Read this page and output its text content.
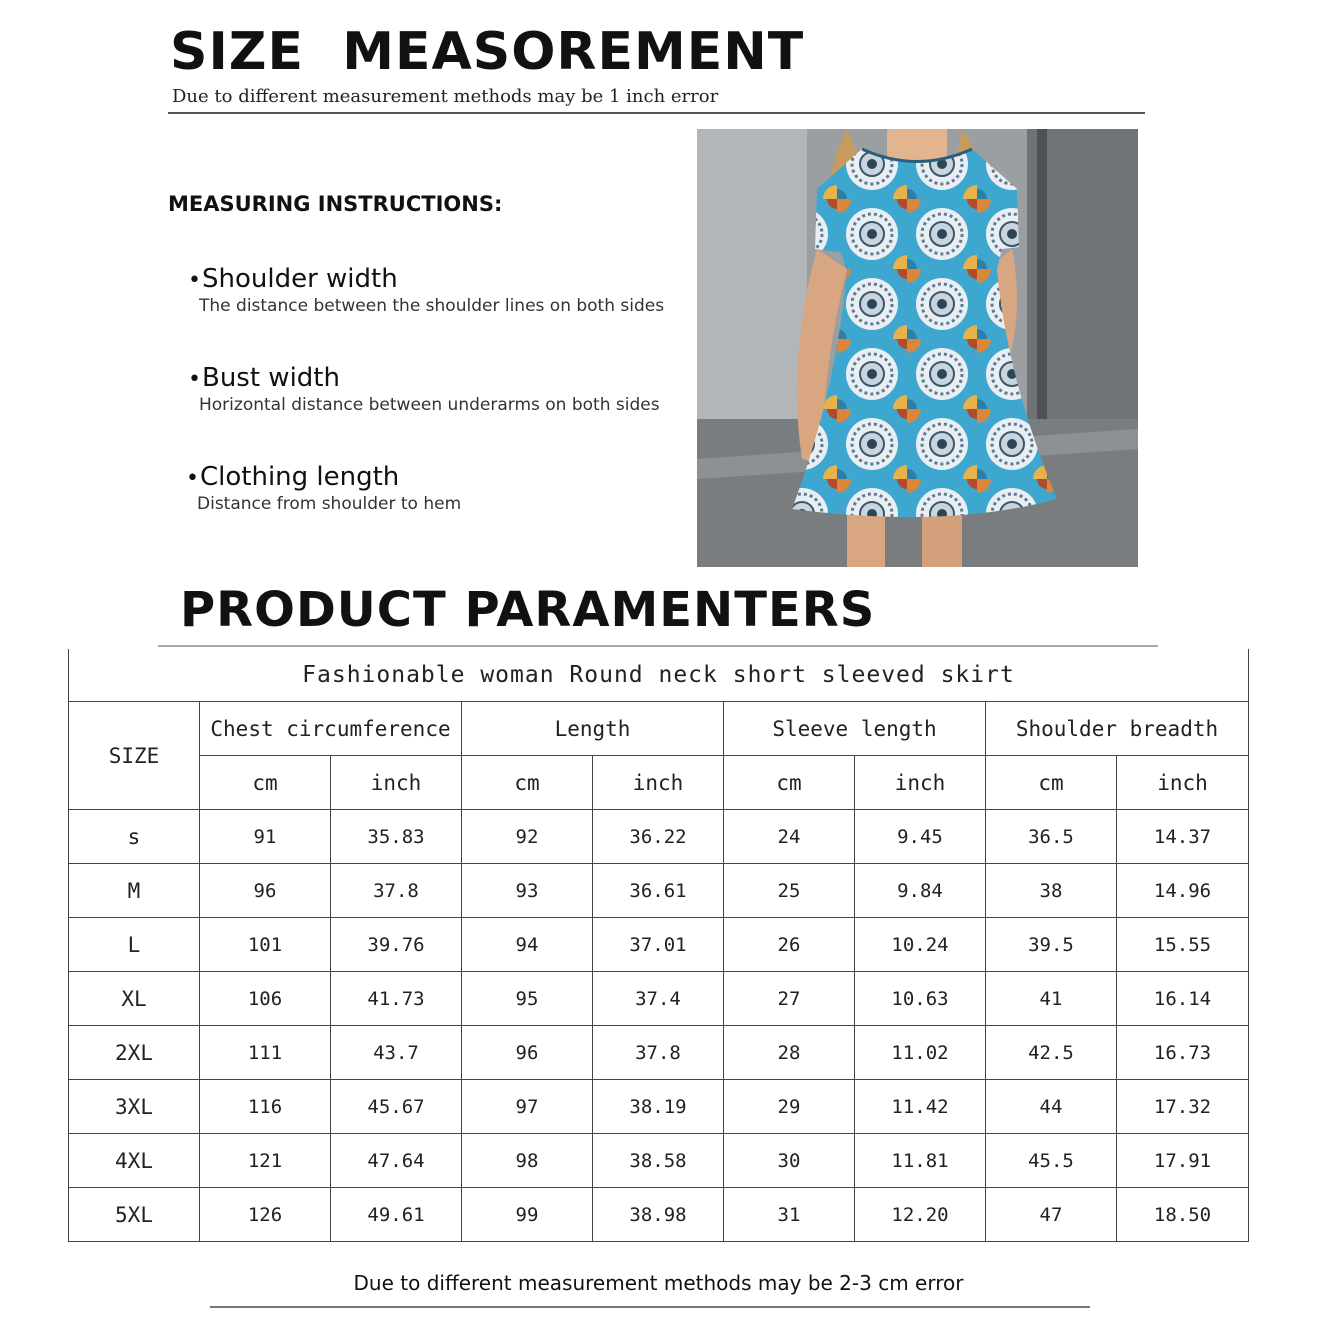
SIZE  MEASOREMENT
Due to different measurement methods may be 1 inch error
MEASURING INSTRUCTIONS:
•Shoulder width
The distance between the shoulder lines on both sides
•Bust width
Horizontal distance between underarms on both sides
•Clothing length
Distance from shoulder to hem
PRODUCT PARAMENTERS
Fashionable woman Round neck short sleeved skirt								
SIZE	Chest circumference		Length		Sleeve length		Shoulder breadth	
	cm	inch	cm	inch	cm	inch	cm	inch
s	91	35.83	92	36.22	24	9.45	36.5	14.37
M	96	37.8	93	36.61	25	9.84	38	14.96
L	101	39.76	94	37.01	26	10.24	39.5	15.55
XL	106	41.73	95	37.4	27	10.63	41	16.14
2XL	111	43.7	96	37.8	28	11.02	42.5	16.73
3XL	116	45.67	97	38.19	29	11.42	44	17.32
4XL	121	47.64	98	38.58	30	11.81	45.5	17.91
5XL	126	49.61	99	38.98	31	12.20	47	18.50
Due to different measurement methods may be 2-3 cm error
